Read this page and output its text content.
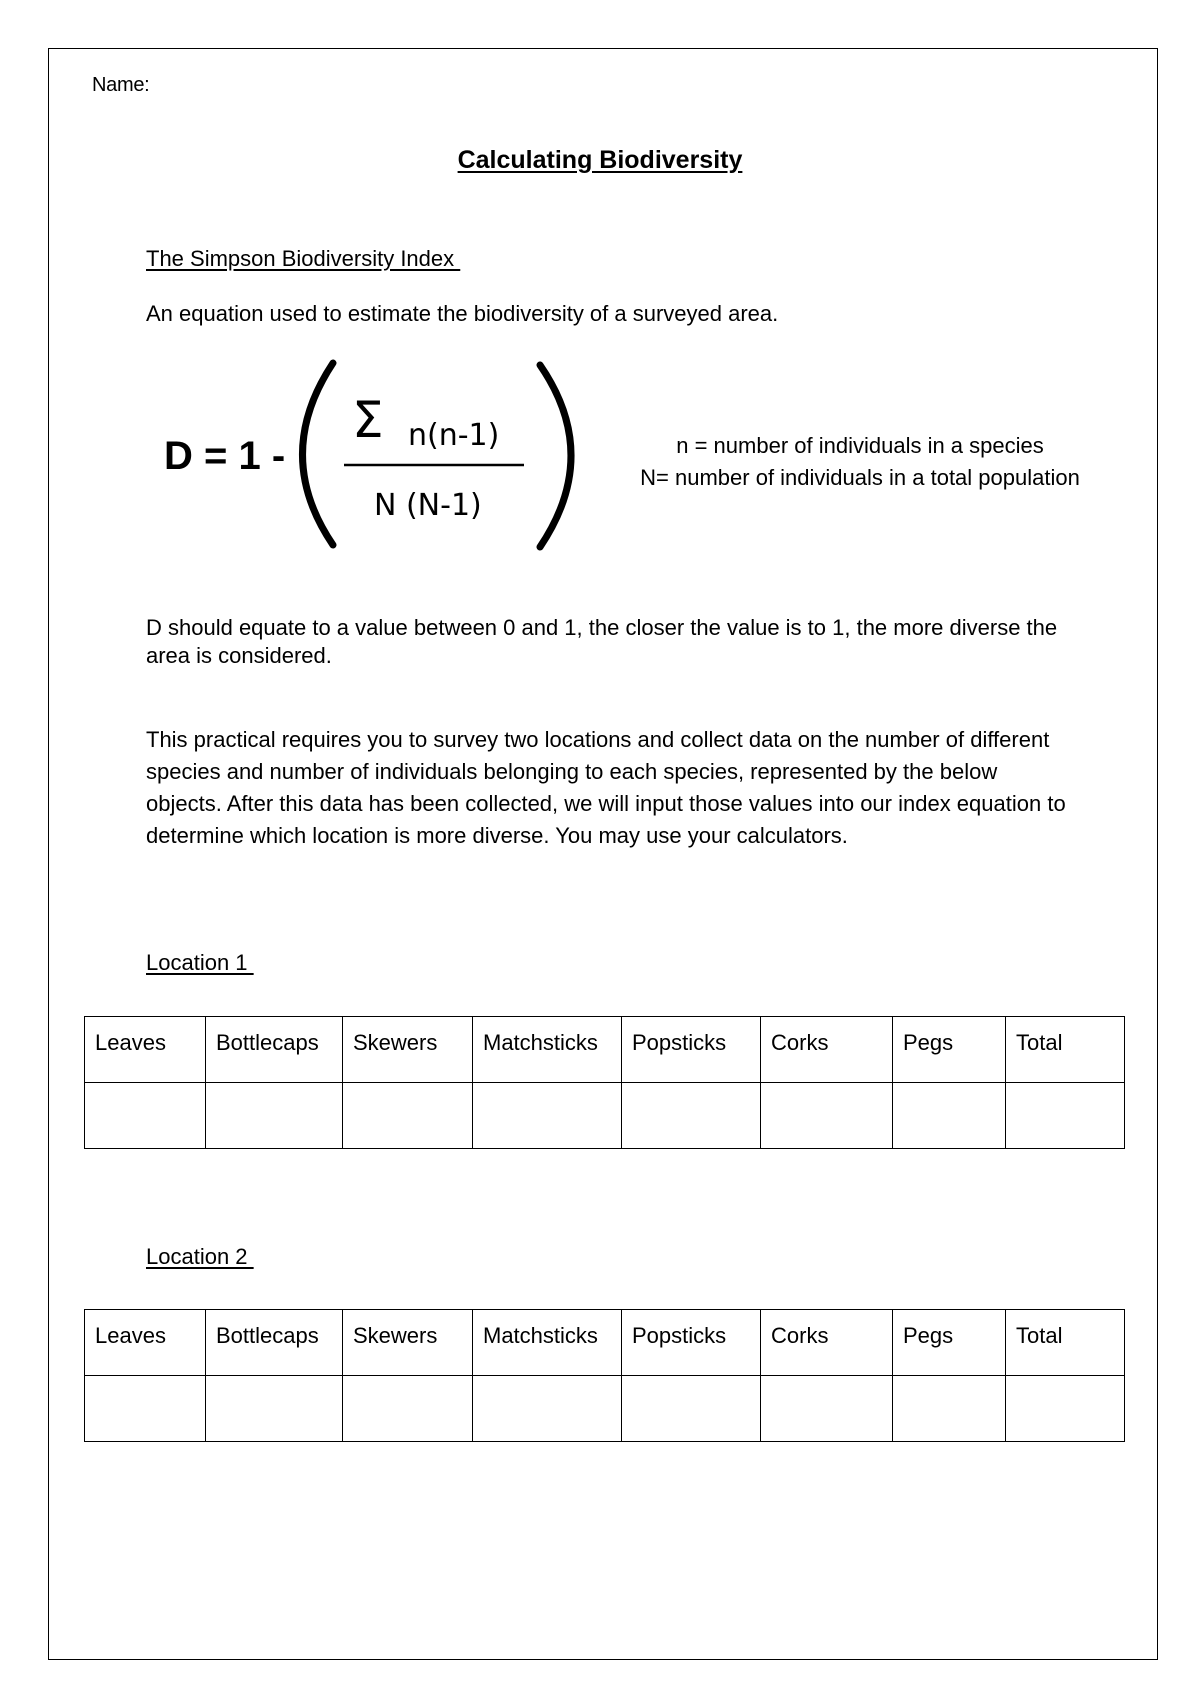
Name:
Calculating Biodiversity
The Simpson Biodiversity Index
An equation used to estimate the biodiversity of a surveyed area.
D = 1 -
Σ n(n-1)
N (N-1)
n = number of individuals in a species
N= number of individuals in a total population
D should equate to a value between 0 and 1, the closer the value is to 1, the more diverse the area is considered.
This practical requires you to survey two locations and collect data on the number of different species and number of individuals belonging to each species, represented by the below objects. After this data has been collected, we will input those values into our index equation to determine which location is more diverse. You may use your calculators.
Location 1
Leaves	Bottlecaps	Skewers	Matchsticks	Popsticks	Corks	Pegs	Total

Location 2
Leaves	Bottlecaps	Skewers	Matchsticks	Popsticks	Corks	Pegs	Total
